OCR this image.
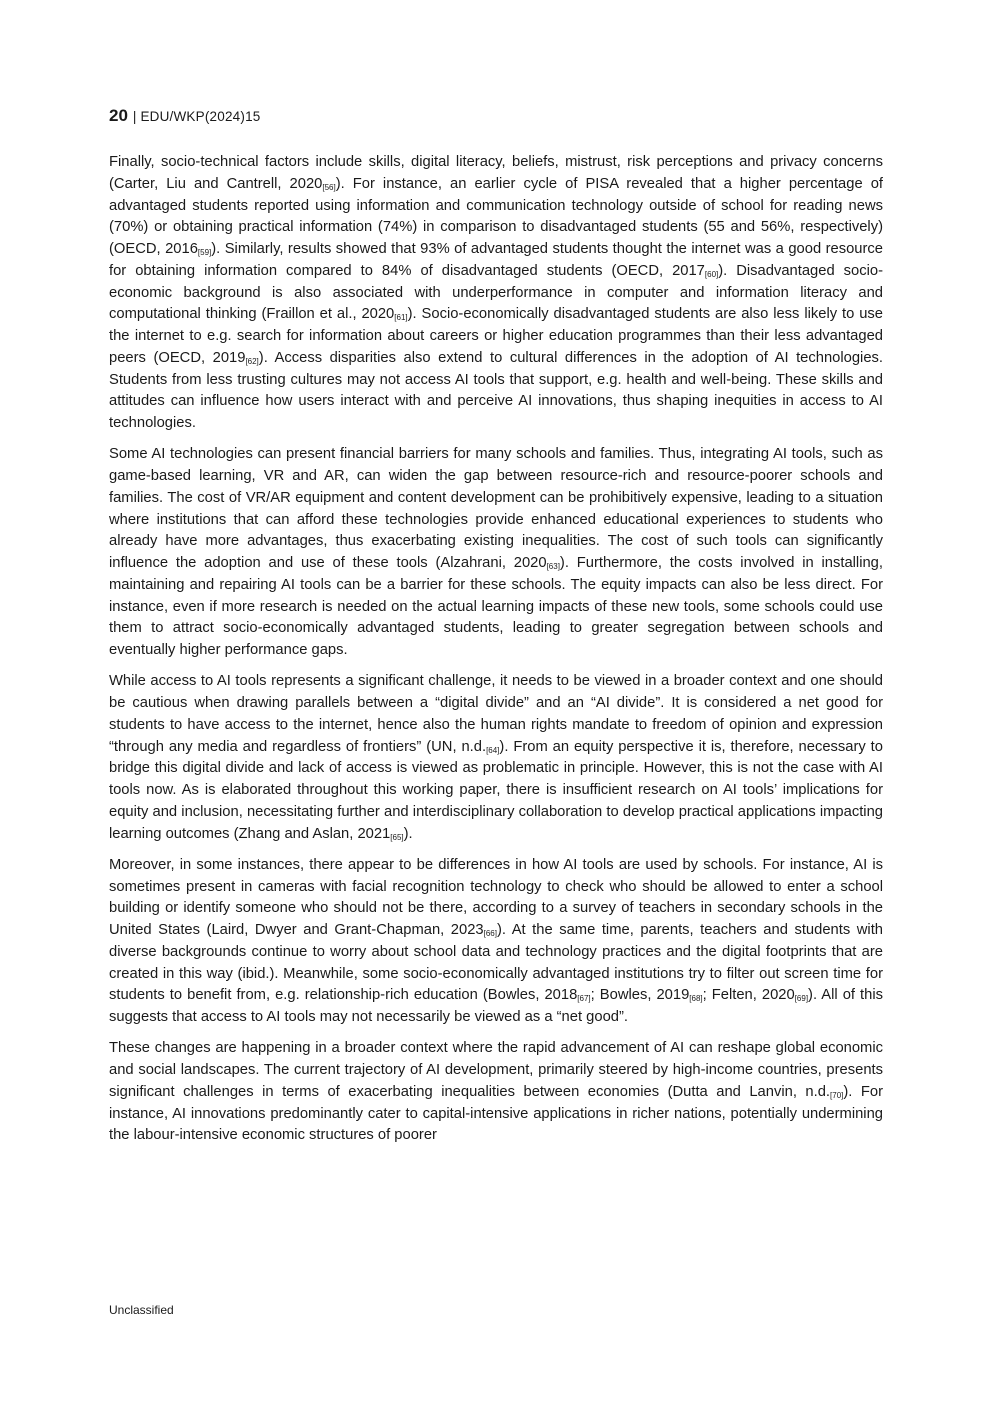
20 | EDU/WKP(2024)15

Finally, socio-technical factors include skills, digital literacy, beliefs, mistrust, risk perceptions and privacy concerns (Carter, Liu and Cantrell, 2020[56]). For instance, an earlier cycle of PISA revealed that a higher percentage of advantaged students reported using information and communication technology outside of school for reading news (70%) or obtaining practical information (74%) in comparison to disadvantaged students (55 and 56%, respectively) (OECD, 2016[59]). Similarly, results showed that 93% of advantaged students thought the internet was a good resource for obtaining information compared to 84% of disadvantaged students (OECD, 2017[60]). Disadvantaged socio-economic background is also associated with underperformance in computer and information literacy and computational thinking (Fraillon et al., 2020[61]). Socio-economically disadvantaged students are also less likely to use the internet to e.g. search for information about careers or higher education programmes than their less advantaged peers (OECD, 2019[62]). Access disparities also extend to cultural differences in the adoption of AI technologies. Students from less trusting cultures may not access AI tools that support, e.g. health and well-being. These skills and attitudes can influence how users interact with and perceive AI innovations, thus shaping inequities in access to AI technologies.

Some AI technologies can present financial barriers for many schools and families. Thus, integrating AI tools, such as game-based learning, VR and AR, can widen the gap between resource-rich and resource-poorer schools and families. The cost of VR/AR equipment and content development can be prohibitively expensive, leading to a situation where institutions that can afford these technologies provide enhanced educational experiences to students who already have more advantages, thus exacerbating existing inequalities. The cost of such tools can significantly influence the adoption and use of these tools (Alzahrani, 2020[63]). Furthermore, the costs involved in installing, maintaining and repairing AI tools can be a barrier for these schools. The equity impacts can also be less direct. For instance, even if more research is needed on the actual learning impacts of these new tools, some schools could use them to attract socio-economically advantaged students, leading to greater segregation between schools and eventually higher performance gaps.

While access to AI tools represents a significant challenge, it needs to be viewed in a broader context and one should be cautious when drawing parallels between a “digital divide” and an “AI divide”. It is considered a net good for students to have access to the internet, hence also the human rights mandate to freedom of opinion and expression “through any media and regardless of frontiers” (UN, n.d.[64]). From an equity perspective it is, therefore, necessary to bridge this digital divide and lack of access is viewed as problematic in principle. However, this is not the case with AI tools now. As is elaborated throughout this working paper, there is insufficient research on AI tools’ implications for equity and inclusion, necessitating further and interdisciplinary collaboration to develop practical applications impacting learning outcomes (Zhang and Aslan, 2021[65]).

Moreover, in some instances, there appear to be differences in how AI tools are used by schools. For instance, AI is sometimes present in cameras with facial recognition technology to check who should be allowed to enter a school building or identify someone who should not be there, according to a survey of teachers in secondary schools in the United States (Laird, Dwyer and Grant-Chapman, 2023[66]). At the same time, parents, teachers and students with diverse backgrounds continue to worry about school data and technology practices and the digital footprints that are created in this way (ibid.). Meanwhile, some socio-economically advantaged institutions try to filter out screen time for students to benefit from, e.g. relationship-rich education (Bowles, 2018[67]; Bowles, 2019[68]; Felten, 2020[69]). All of this suggests that access to AI tools may not necessarily be viewed as a “net good”.

These changes are happening in a broader context where the rapid advancement of AI can reshape global economic and social landscapes. The current trajectory of AI development, primarily steered by high-income countries, presents significant challenges in terms of exacerbating inequalities between economies (Dutta and Lanvin, n.d.[70]). For instance, AI innovations predominantly cater to capital-intensive applications in richer nations, potentially undermining the labour-intensive economic structures of poorer

Unclassified
